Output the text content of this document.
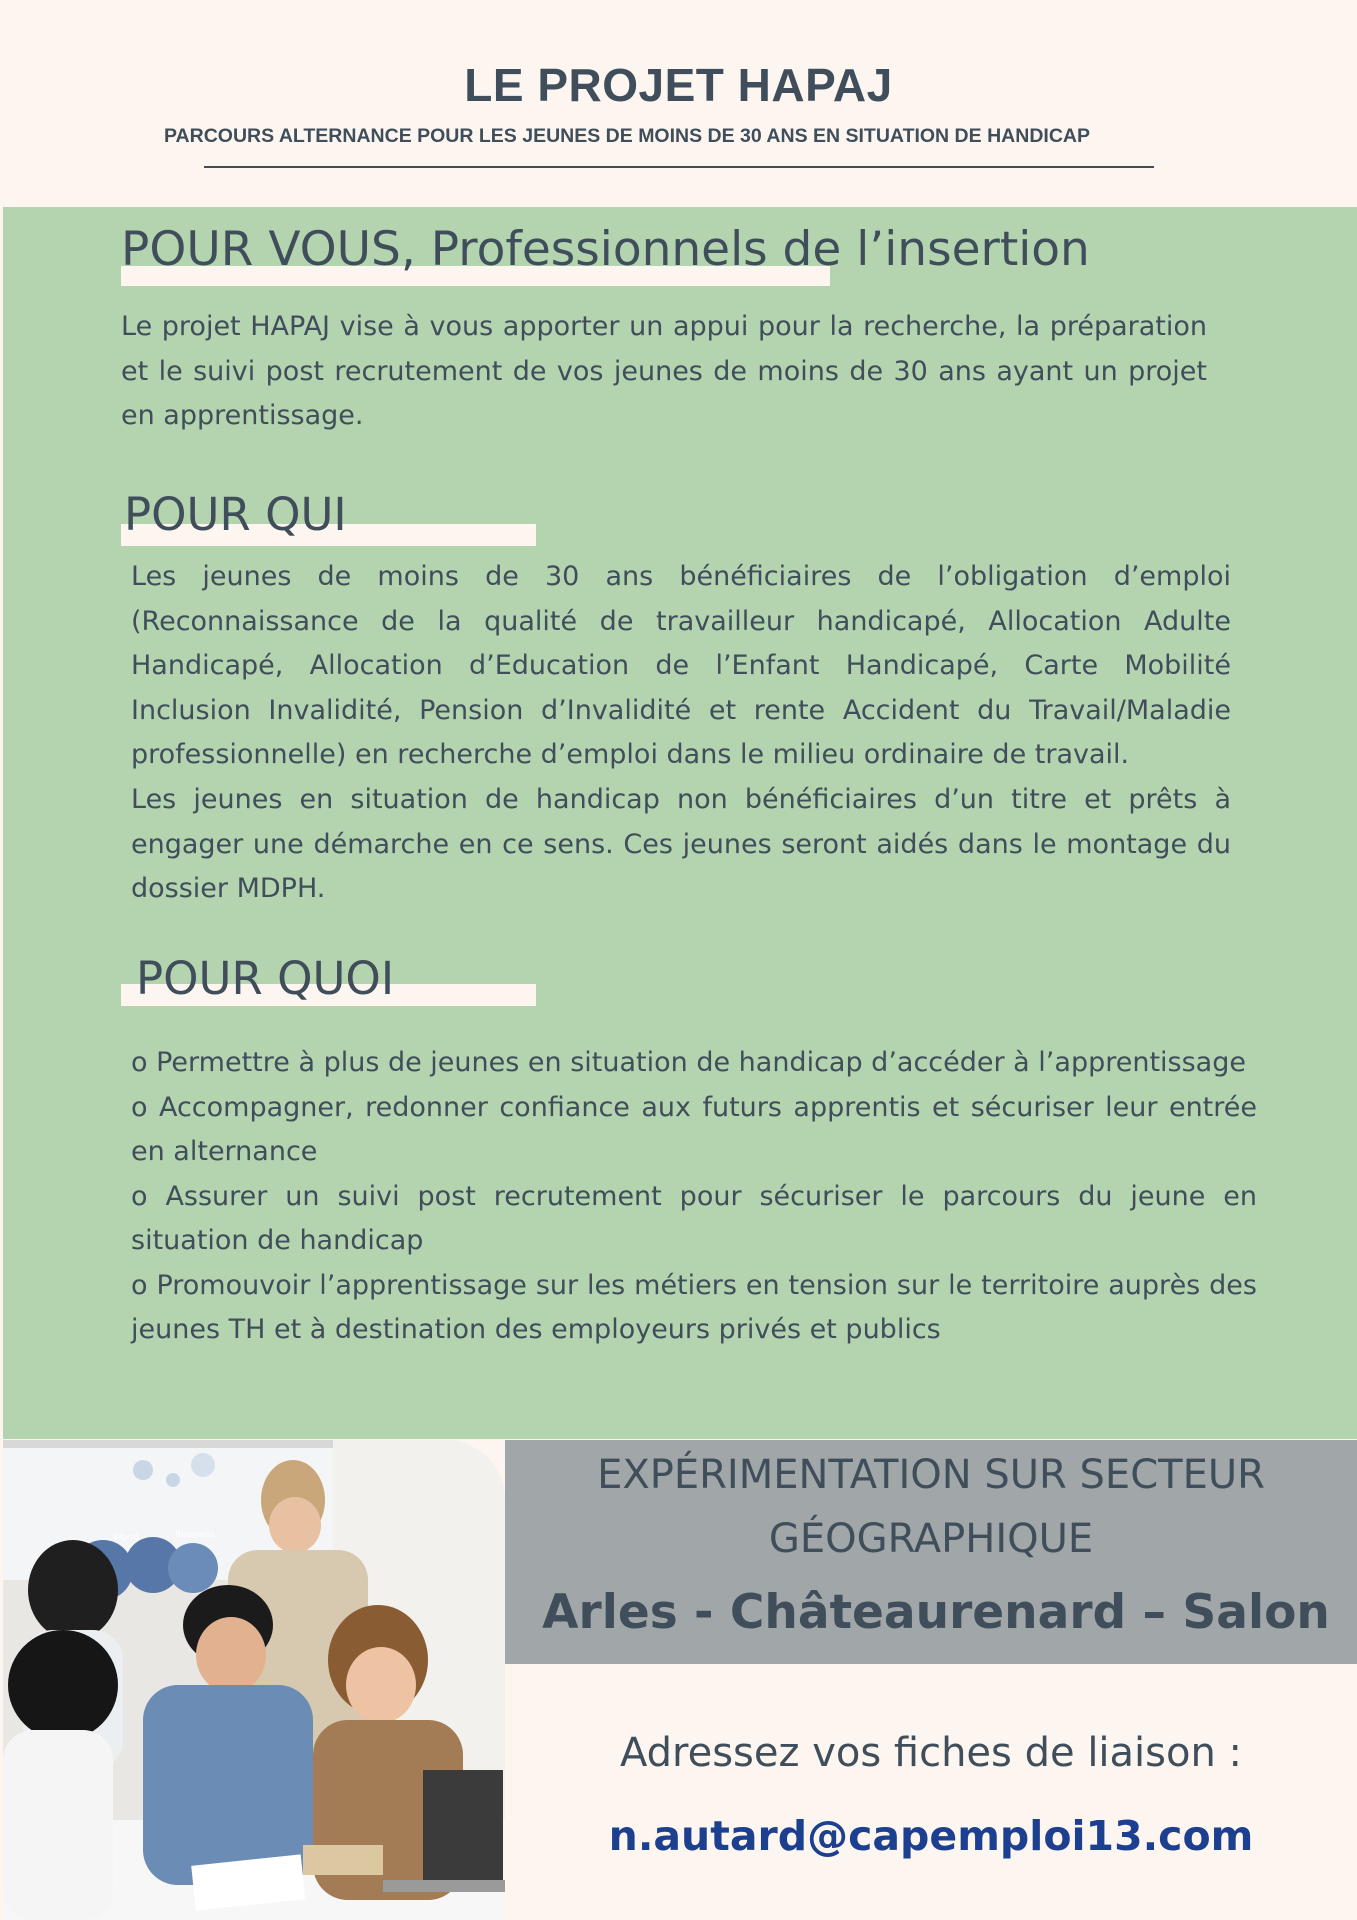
LE PROJET HAPAJ
PARCOURS ALTERNANCE POUR LES JEUNES DE MOINS DE 30 ANS EN SITUATION DE HANDICAP
POUR VOUS, Professionnels de l’insertion

Le projet HAPAJ vise à vous apporter un appui pour la recherche, la préparation et le suivi post recrutement de vos jeunes de moins de 30 ans ayant un projet en apprentissage.

POUR QUI

Les jeunes de moins de 30 ans bénéficiaires de l’obligation d’emploi (Reconnaissance de la qualité de travailleur handicapé, Allocation Adulte Handicapé, Allocation d’Education de l’Enfant Handicapé, Carte Mobilité Inclusion Invalidité, Pension d’Invalidité et rente Accident du Travail/Maladie professionnelle) en recherche d’emploi dans le milieu ordinaire de travail.

Les jeunes en situation de handicap non bénéficiaires d’un titre et prêts à engager une démarche en ce sens. Ces jeunes seront aidés dans le montage du dossier MDPH.

POUR QUOI
o Permettre à plus de jeunes en situation de handicap d’accéder à l’apprentissage
o Accompagner, redonner confiance aux futurs apprentis et sécuriser leur entrée en alternance
o Assurer un suivi post recrutement pour sécuriser le parcours du jeune en situation de handicap
o Promouvoir l’apprentissage sur les métiers en tension sur le territoire auprès des jeunes TH et à destination des employeurs privés et publics
World	Business
EXPÉRIMENTATION SUR SECTEUR
GÉOGRAPHIQUE
Arles - Châteaurenard – Salon
Adressez vos fiches de liaison :
n.autard@capemploi13.com
